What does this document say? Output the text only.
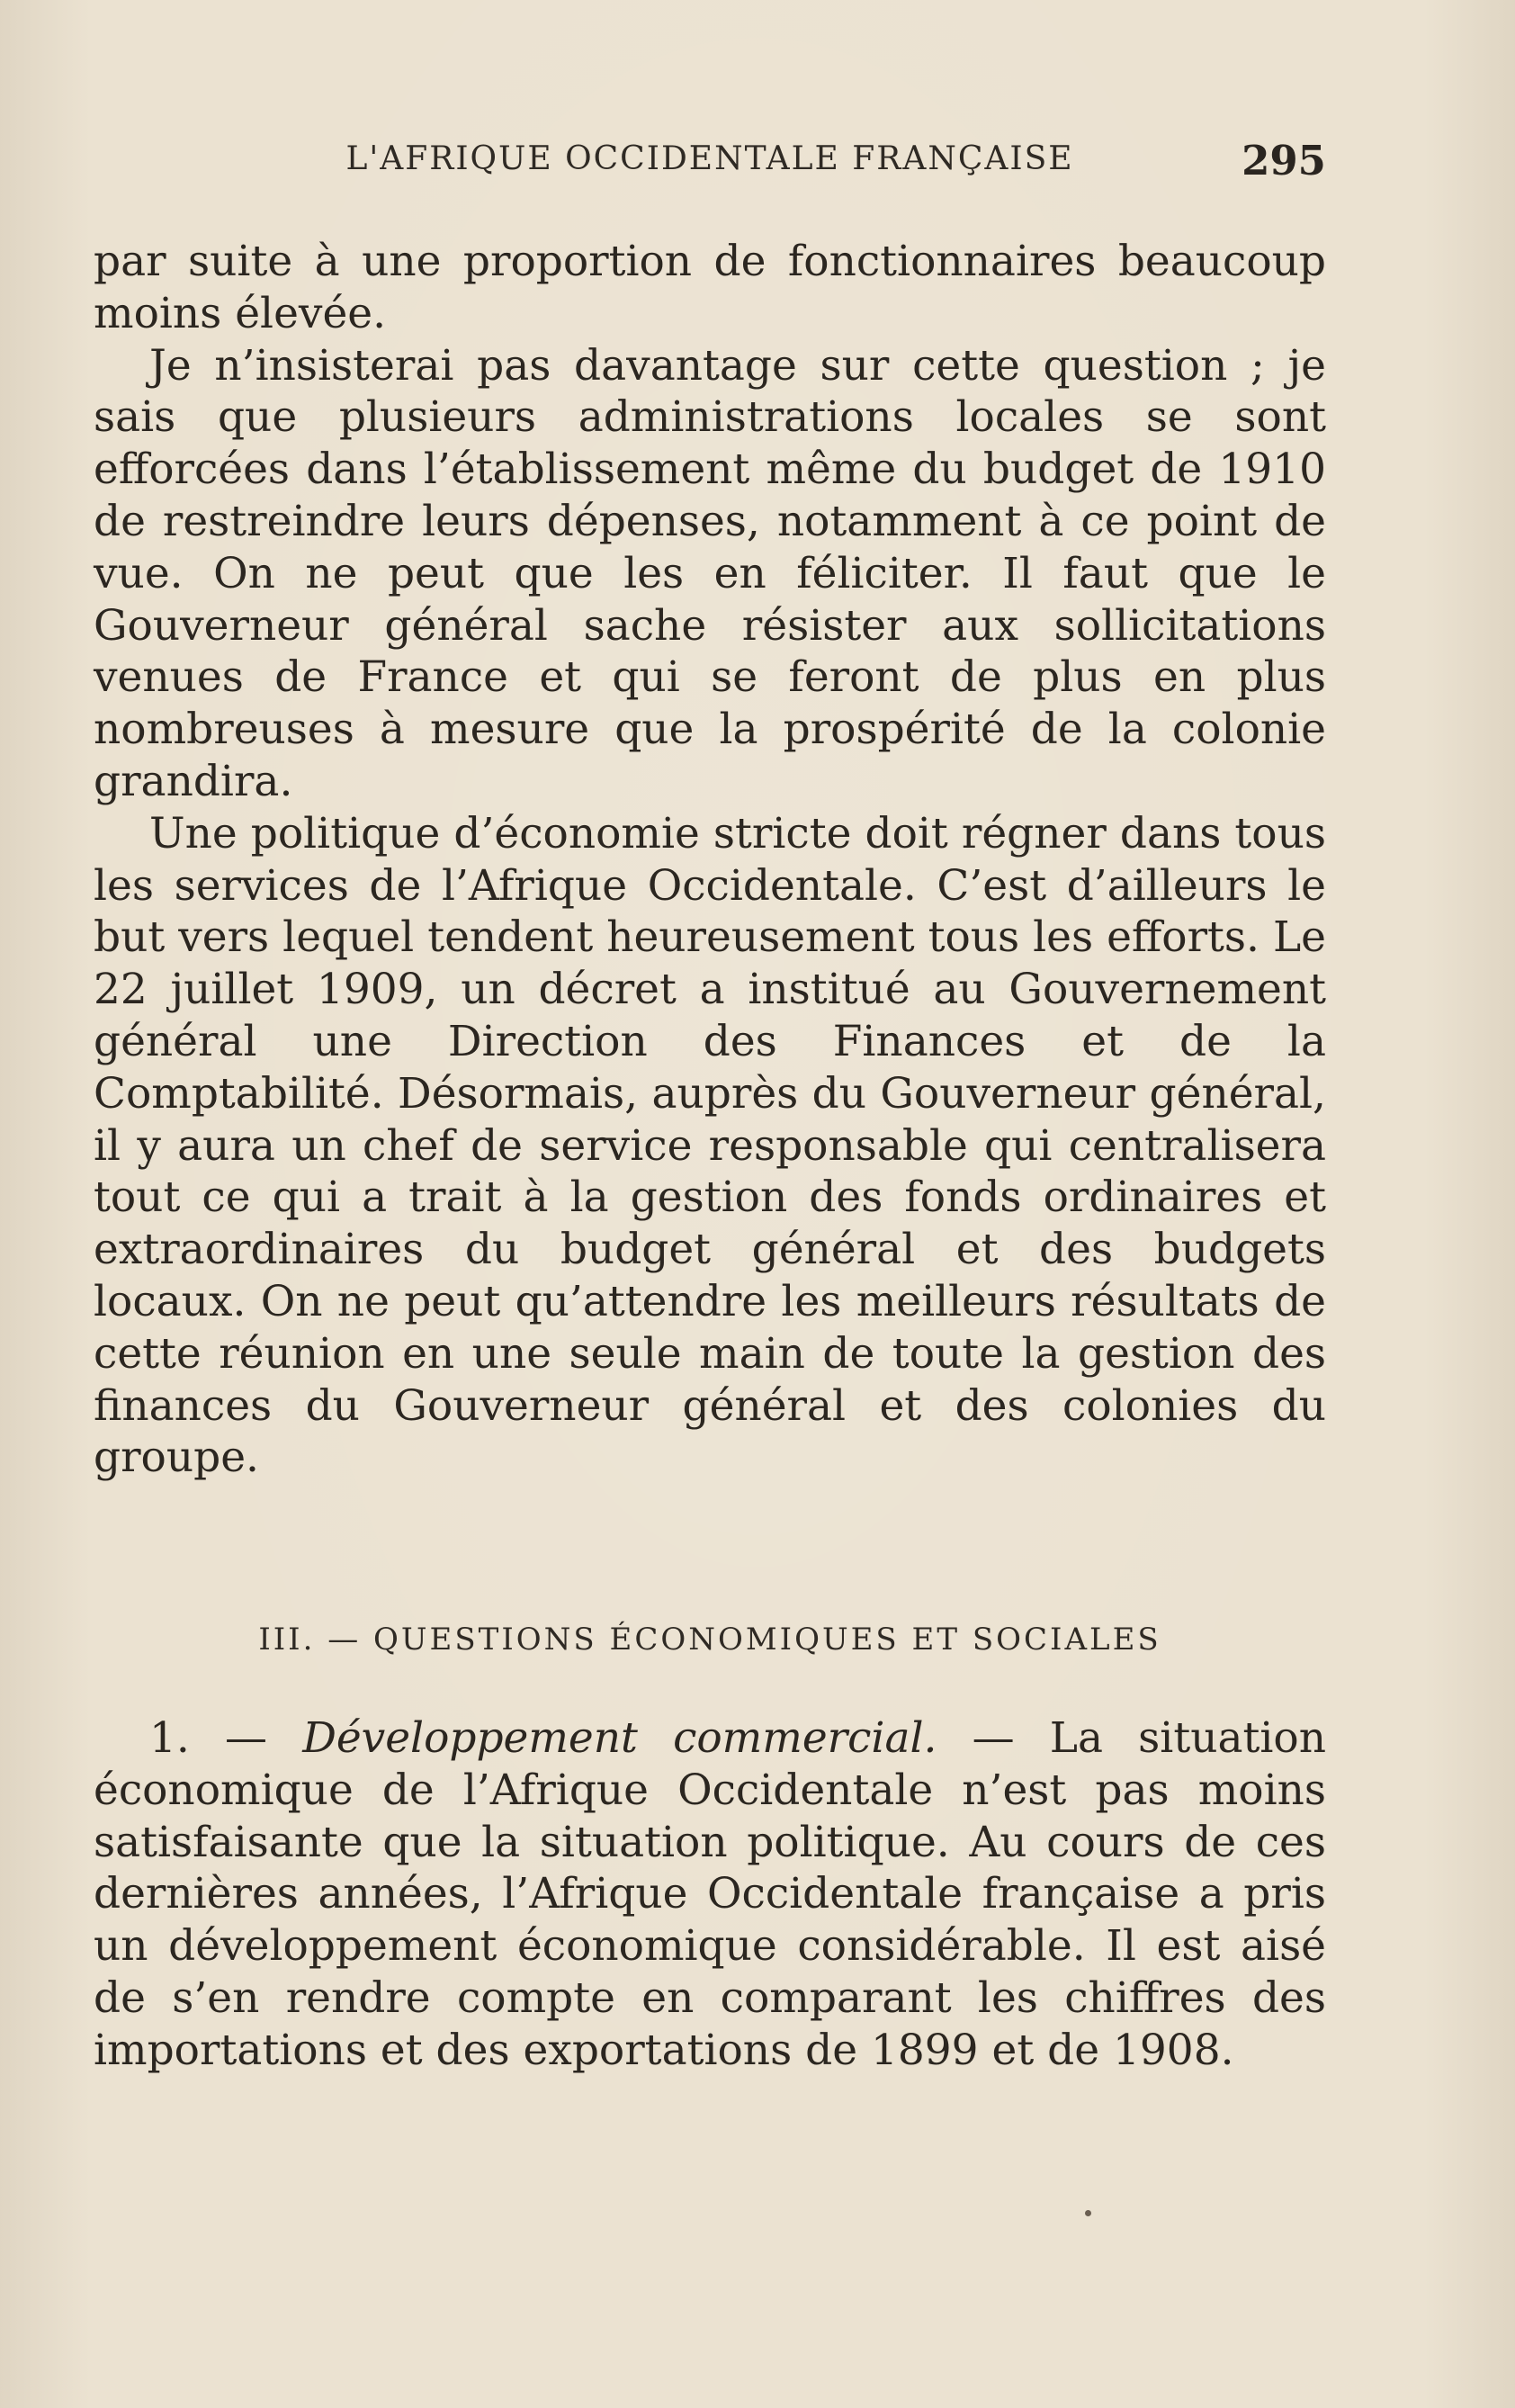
L'AFRIQUE OCCIDENTALE FRANÇAISE	295

par suite à une proportion de fonctionnaires beaucoup moins élevée.

Je n’insisterai pas davantage sur cette question ; je sais que plusieurs administrations locales se sont efforcées dans l’établissement même du budget de 1910 de restreindre leurs dépenses, notamment à ce point de vue. On ne peut que les en féliciter. Il faut que le Gouverneur général sache résister aux sollicitations venues de France et qui se feront de plus en plus nombreuses à mesure que la prospérité de la colonie grandira.

Une politique d’économie stricte doit régner dans tous les services de l’Afrique Occidentale. C’est d’ailleurs le but vers lequel tendent heureusement tous les efforts. Le 22 juillet 1909, un décret a institué au Gouvernement général une Direction des Finances et de la Comptabilité. Désormais, auprès du Gouverneur général, il y aura un chef de service responsable qui centralisera tout ce qui a trait à la gestion des fonds ordinaires et extraordinaires du budget général et des budgets locaux. On ne peut qu’attendre les meilleurs résultats de cette réunion en une seule main de toute la gestion des finances du Gouverneur général et des colonies du groupe.

III. — QUESTIONS ÉCONOMIQUES ET SOCIALES

1. — Développement commercial. — La situation économique de l’Afrique Occidentale n’est pas moins satisfaisante que la situation politique. Au cours de ces dernières années, l’Afrique Occidentale française a pris un développement économique considérable. Il est aisé de s’en rendre compte en comparant les chiffres des importations et des exportations de 1899 et de 1908.
